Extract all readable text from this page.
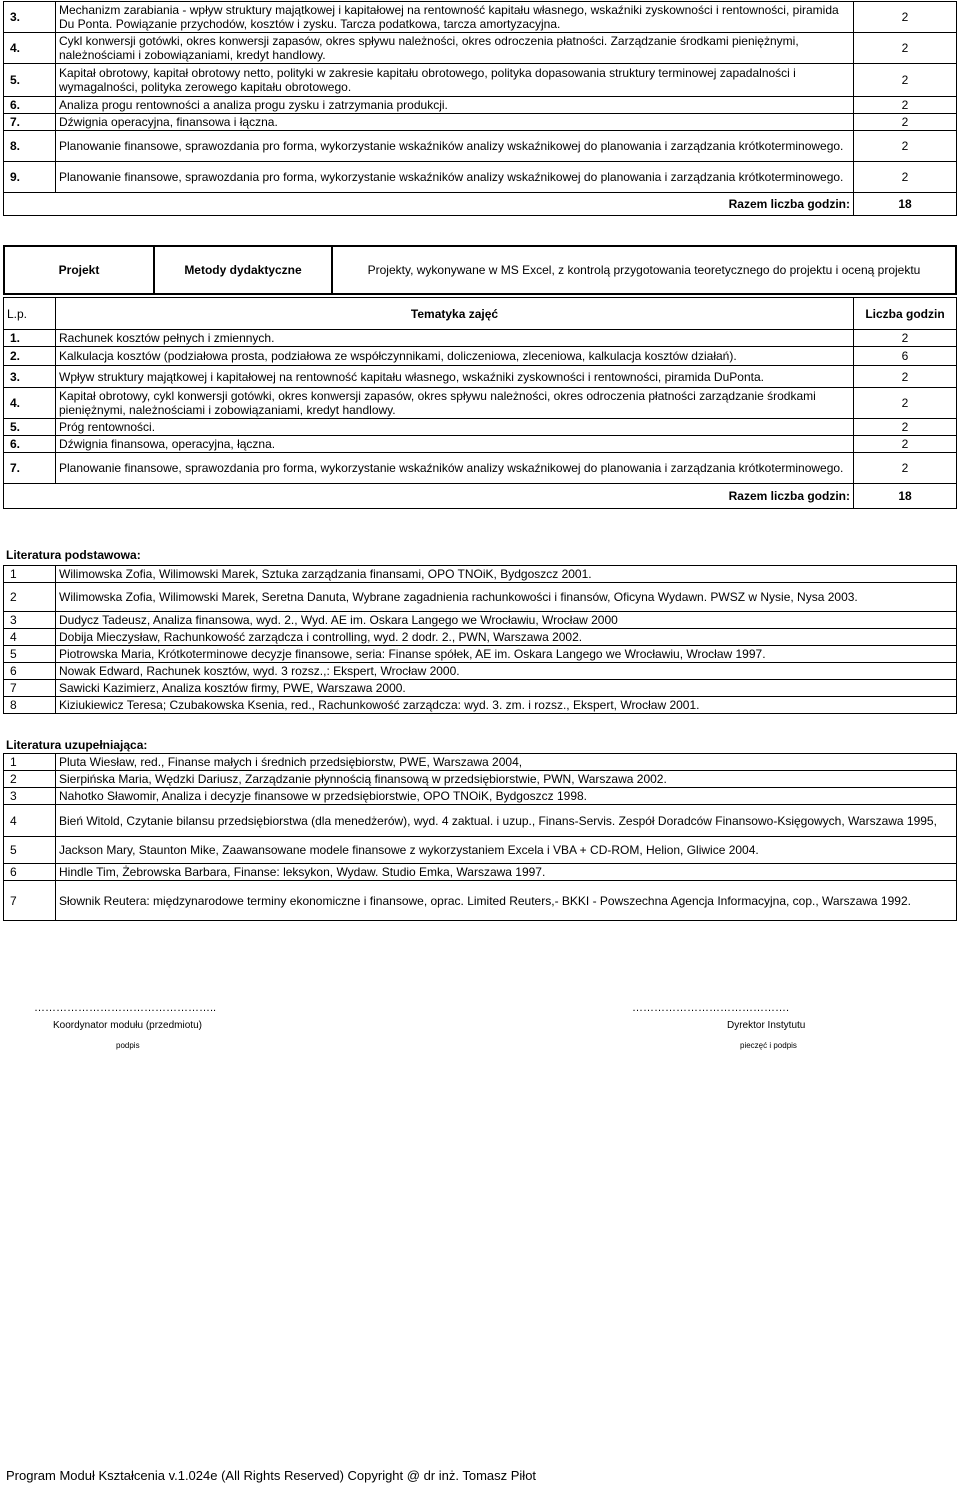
3.	Mechanizm zarabiania - wpływ struktury majątkowej i kapitałowej na rentowność kapitału własnego, wskaźniki zyskowności i rentowności, piramida Du Ponta. Powiązanie przychodów, kosztów i zysku. Tarcza podatkowa, tarcza amortyzacyjna.	2
4.	Cykl konwersji gotówki, okres konwersji zapasów, okres spływu należności, okres odroczenia płatności. Zarządzanie środkami pieniężnymi, należnościami i zobowiązaniami, kredyt handlowy.	2
5.	Kapitał obrotowy, kapitał obrotowy netto, polityki w zakresie kapitału obrotowego, polityka dopasowania struktury terminowej zapadalności i wymagalności, polityka zerowego kapitału obrotowego.	2
6.	Analiza progu rentowności a analiza progu zysku i zatrzymania produkcji.	2
7.	Dźwignia operacyjna, finansowa i łączna.	2
8.	Planowanie finansowe, sprawozdania pro forma, wykorzystanie wskaźników analizy wskaźnikowej do planowania i zarządzania krótkoterminowego.	2
9.	Planowanie finansowe, sprawozdania pro forma, wykorzystanie wskaźników analizy wskaźnikowej do planowania i zarządzania krótkoterminowego.	2
Razem liczba godzin:		18
Projekt	Metody dydaktyczne	Projekty, wykonywane w MS Excel, z kontrolą przygotowania teoretycznego do projektu i oceną projektu
L.p.	Tematyka zajęć	Liczba godzin
1.	Rachunek kosztów pełnych i zmiennych.	2
2.	Kalkulacja kosztów (podziałowa prosta, podziałowa ze współczynnikami, doliczeniowa, zleceniowa, kalkulacja kosztów działań).	6
3.	Wpływ struktury majątkowej i kapitałowej na rentowność kapitału własnego, wskaźniki zyskowności i rentowności, piramida DuPonta.	2
4.	Kapitał obrotowy, cykl konwersji gotówki, okres konwersji zapasów, okres spływu należności, okres odroczenia płatności zarządzanie środkami pieniężnymi, należnościami i zobowiązaniami, kredyt handlowy.	2
5.	Próg rentowności.	2
6.	Dźwignia finansowa, operacyjna, łączna.	2
7.	Planowanie finansowe, sprawozdania pro forma, wykorzystanie wskaźników analizy wskaźnikowej do planowania i zarządzania krótkoterminowego.	2
Razem liczba godzin:		18
Literatura podstawowa:
1	Wilimowska Zofia, Wilimowski Marek, Sztuka zarządzania finansami, OPO TNOiK, Bydgoszcz 2001.
2	Wilimowska Zofia, Wilimowski Marek, Seretna Danuta, Wybrane zagadnienia rachunkowości i finansów, Oficyna Wydawn. PWSZ w Nysie, Nysa 2003.
3	Dudycz Tadeusz, Analiza finansowa, wyd. 2., Wyd. AE im. Oskara Langego we Wrocławiu, Wrocław 2000
4	Dobija Mieczysław, Rachunkowość zarządcza i controlling, wyd. 2 dodr. 2., PWN, Warszawa 2002.
5	Piotrowska Maria, Krótkoterminowe decyzje finansowe, seria: Finanse spółek, AE im. Oskara Langego we Wrocławiu, Wrocław 1997.
6	Nowak Edward, Rachunek kosztów, wyd. 3 rozsz.,: Ekspert, Wrocław 2000.
7	Sawicki Kazimierz, Analiza kosztów firmy, PWE, Warszawa 2000.
8	Kiziukiewicz Teresa; Czubakowska Ksenia, red., Rachunkowość zarządcza: wyd. 3. zm. i rozsz., Ekspert, Wrocław 2001.
Literatura uzupełniająca:
1	Pluta Wiesław, red., Finanse małych i średnich przedsiębiorstw, PWE, Warszawa 2004,
2	Sierpińska Maria, Wędzki Dariusz, Zarządzanie płynnością finansową w przedsiębiorstwie, PWN, Warszawa 2002.
3	Nahotko Sławomir, Analiza i decyzje finansowe w przedsiębiorstwie, OPO TNOiK, Bydgoszcz 1998.
4	Bień Witold, Czytanie bilansu przedsiębiorstwa (dla menedżerów), wyd. 4 zaktual. i uzup., Finans-Servis. Zespół Doradców Finansowo-Księgowych, Warszawa 1995,
5	Jackson Mary, Staunton Mike, Zaawansowane modele finansowe z wykorzystaniem Excela i VBA + CD-ROM, Helion, Gliwice 2004.
6	Hindle Tim, Żebrowska Barbara, Finanse: leksykon, Wydaw. Studio Emka, Warszawa 1997.
7	Słownik Reutera: międzynarodowe terminy ekonomiczne i finansowe, oprac. Limited Reuters,- BKKI - Powszechna Agencja Informacyjna, cop., Warszawa 1992.
…………………………………………..
Koordynator modułu (przedmiotu)
podpis
…………………………………….
Dyrektor Instytutu
pieczęć i podpis
Program Moduł Kształcenia v.1.024e (All Rights Reserved) Copyright @ dr inż. Tomasz Piłot
